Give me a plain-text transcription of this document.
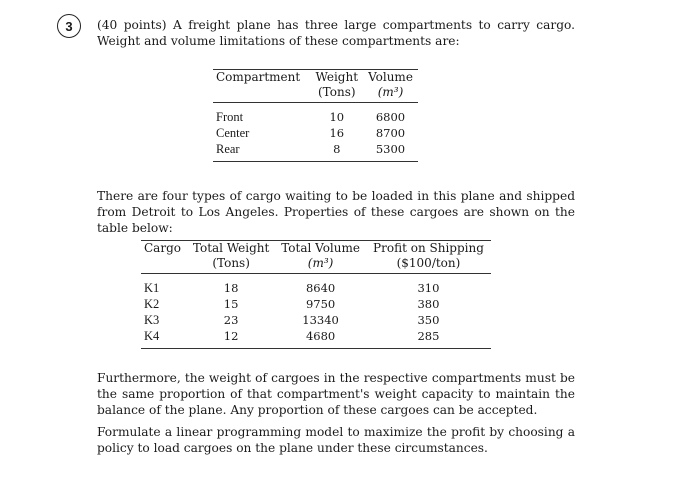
3	(40 points) A freight plane has three large compartments to carry cargo. Weight and volume limitations of these compartments are:

Compartment	Weight	Volume
	(Tons)	(m³)
Front	10	6800
Center	16	8700
Rear	8	5300

There are four types of cargo waiting to be loaded in this plane and shipped from Detroit to Los Angeles. Properties of these cargoes are shown on the table below:

Cargo	Total Weight	Total Volume	Profit on Shipping
	(Tons)	(m³)	($100/ton)
K1	18	8640	310
K2	15	9750	380
K3	23	13340	350
K4	12	4680	285

Furthermore, the weight of cargoes in the respective compartments must be the same proportion of that compartment's weight capacity to maintain the balance of the plane. Any proportion of these cargoes can be accepted.

Formulate a linear programming model to maximize the profit by choosing a policy to load cargoes on the plane under these circumstances.
